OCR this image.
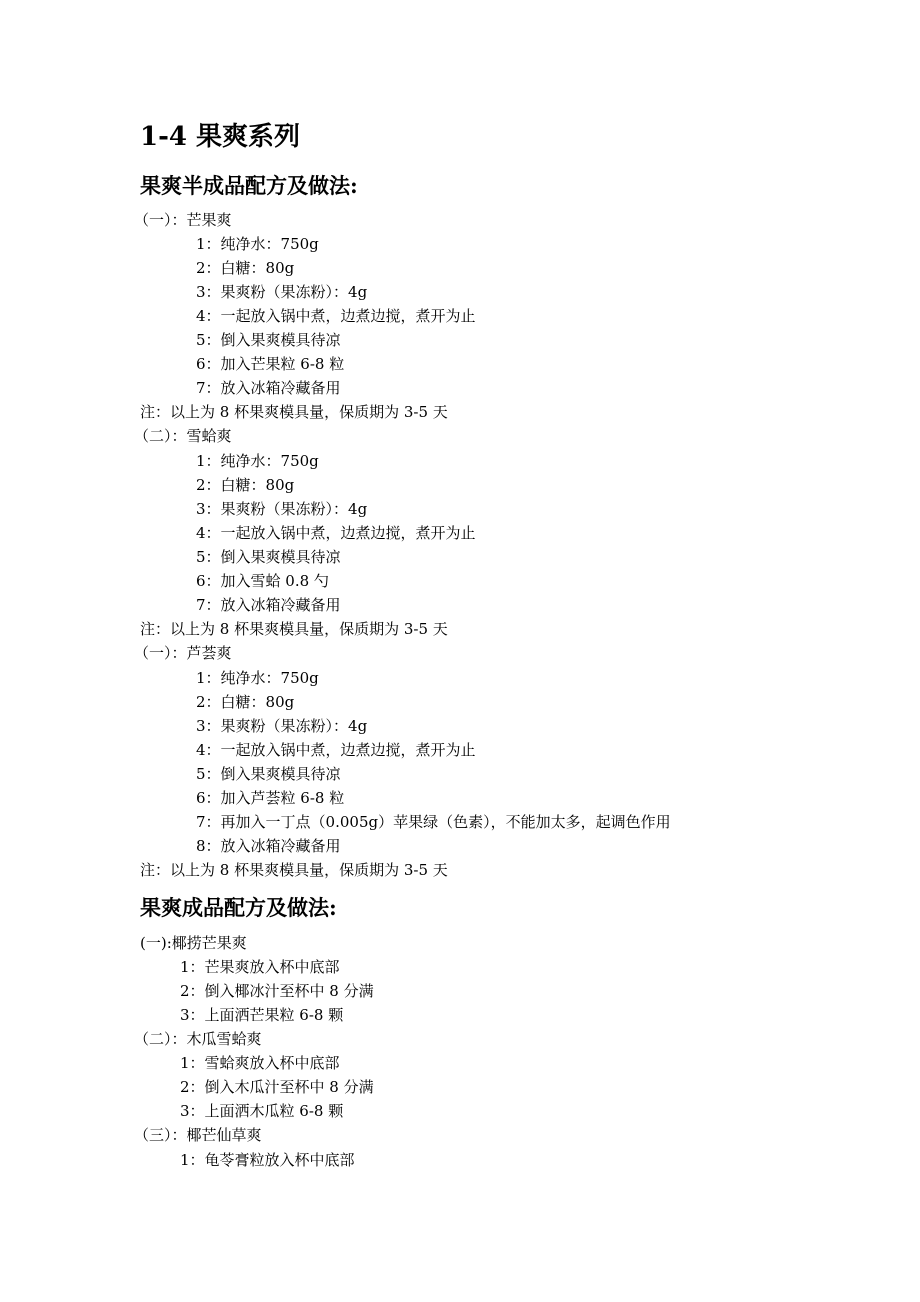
1-4 果爽系列
果爽半成品配方及做法:
（一）：芒果爽
1：纯净水：750g
2：白糖：80g
3：果爽粉（果冻粉）：4g
4：一起放入锅中煮，边煮边搅，煮开为止
5：倒入果爽模具待凉
6：加入芒果粒 6-8 粒
7：放入冰箱冷藏备用
注：以上为 8 杯果爽模具量，保质期为 3-5 天
（二）：雪蛤爽
1：纯净水：750g
2：白糖：80g
3：果爽粉（果冻粉）：4g
4：一起放入锅中煮，边煮边搅，煮开为止
5：倒入果爽模具待凉
6：加入雪蛤 0.8 勺
7：放入冰箱冷藏备用
注：以上为 8 杯果爽模具量，保质期为 3-5 天
（一）：芦荟爽
1：纯净水：750g
2：白糖：80g
3：果爽粉（果冻粉）：4g
4：一起放入锅中煮，边煮边搅，煮开为止
5：倒入果爽模具待凉
6：加入芦荟粒 6-8 粒
7：再加入一丁点（0.005g）苹果绿（色素），不能加太多，起调色作用
8：放入冰箱冷藏备用
注：以上为 8 杯果爽模具量，保质期为 3-5 天
果爽成品配方及做法:
(一):椰捞芒果爽
1：芒果爽放入杯中底部
2：倒入椰冰汁至杯中 8 分满
3：上面洒芒果粒 6-8 颗
（二）：木瓜雪蛤爽
1：雪蛤爽放入杯中底部
2：倒入木瓜汁至杯中 8 分满
3：上面洒木瓜粒 6-8 颗
（三）：椰芒仙草爽
1：龟苓膏粒放入杯中底部
